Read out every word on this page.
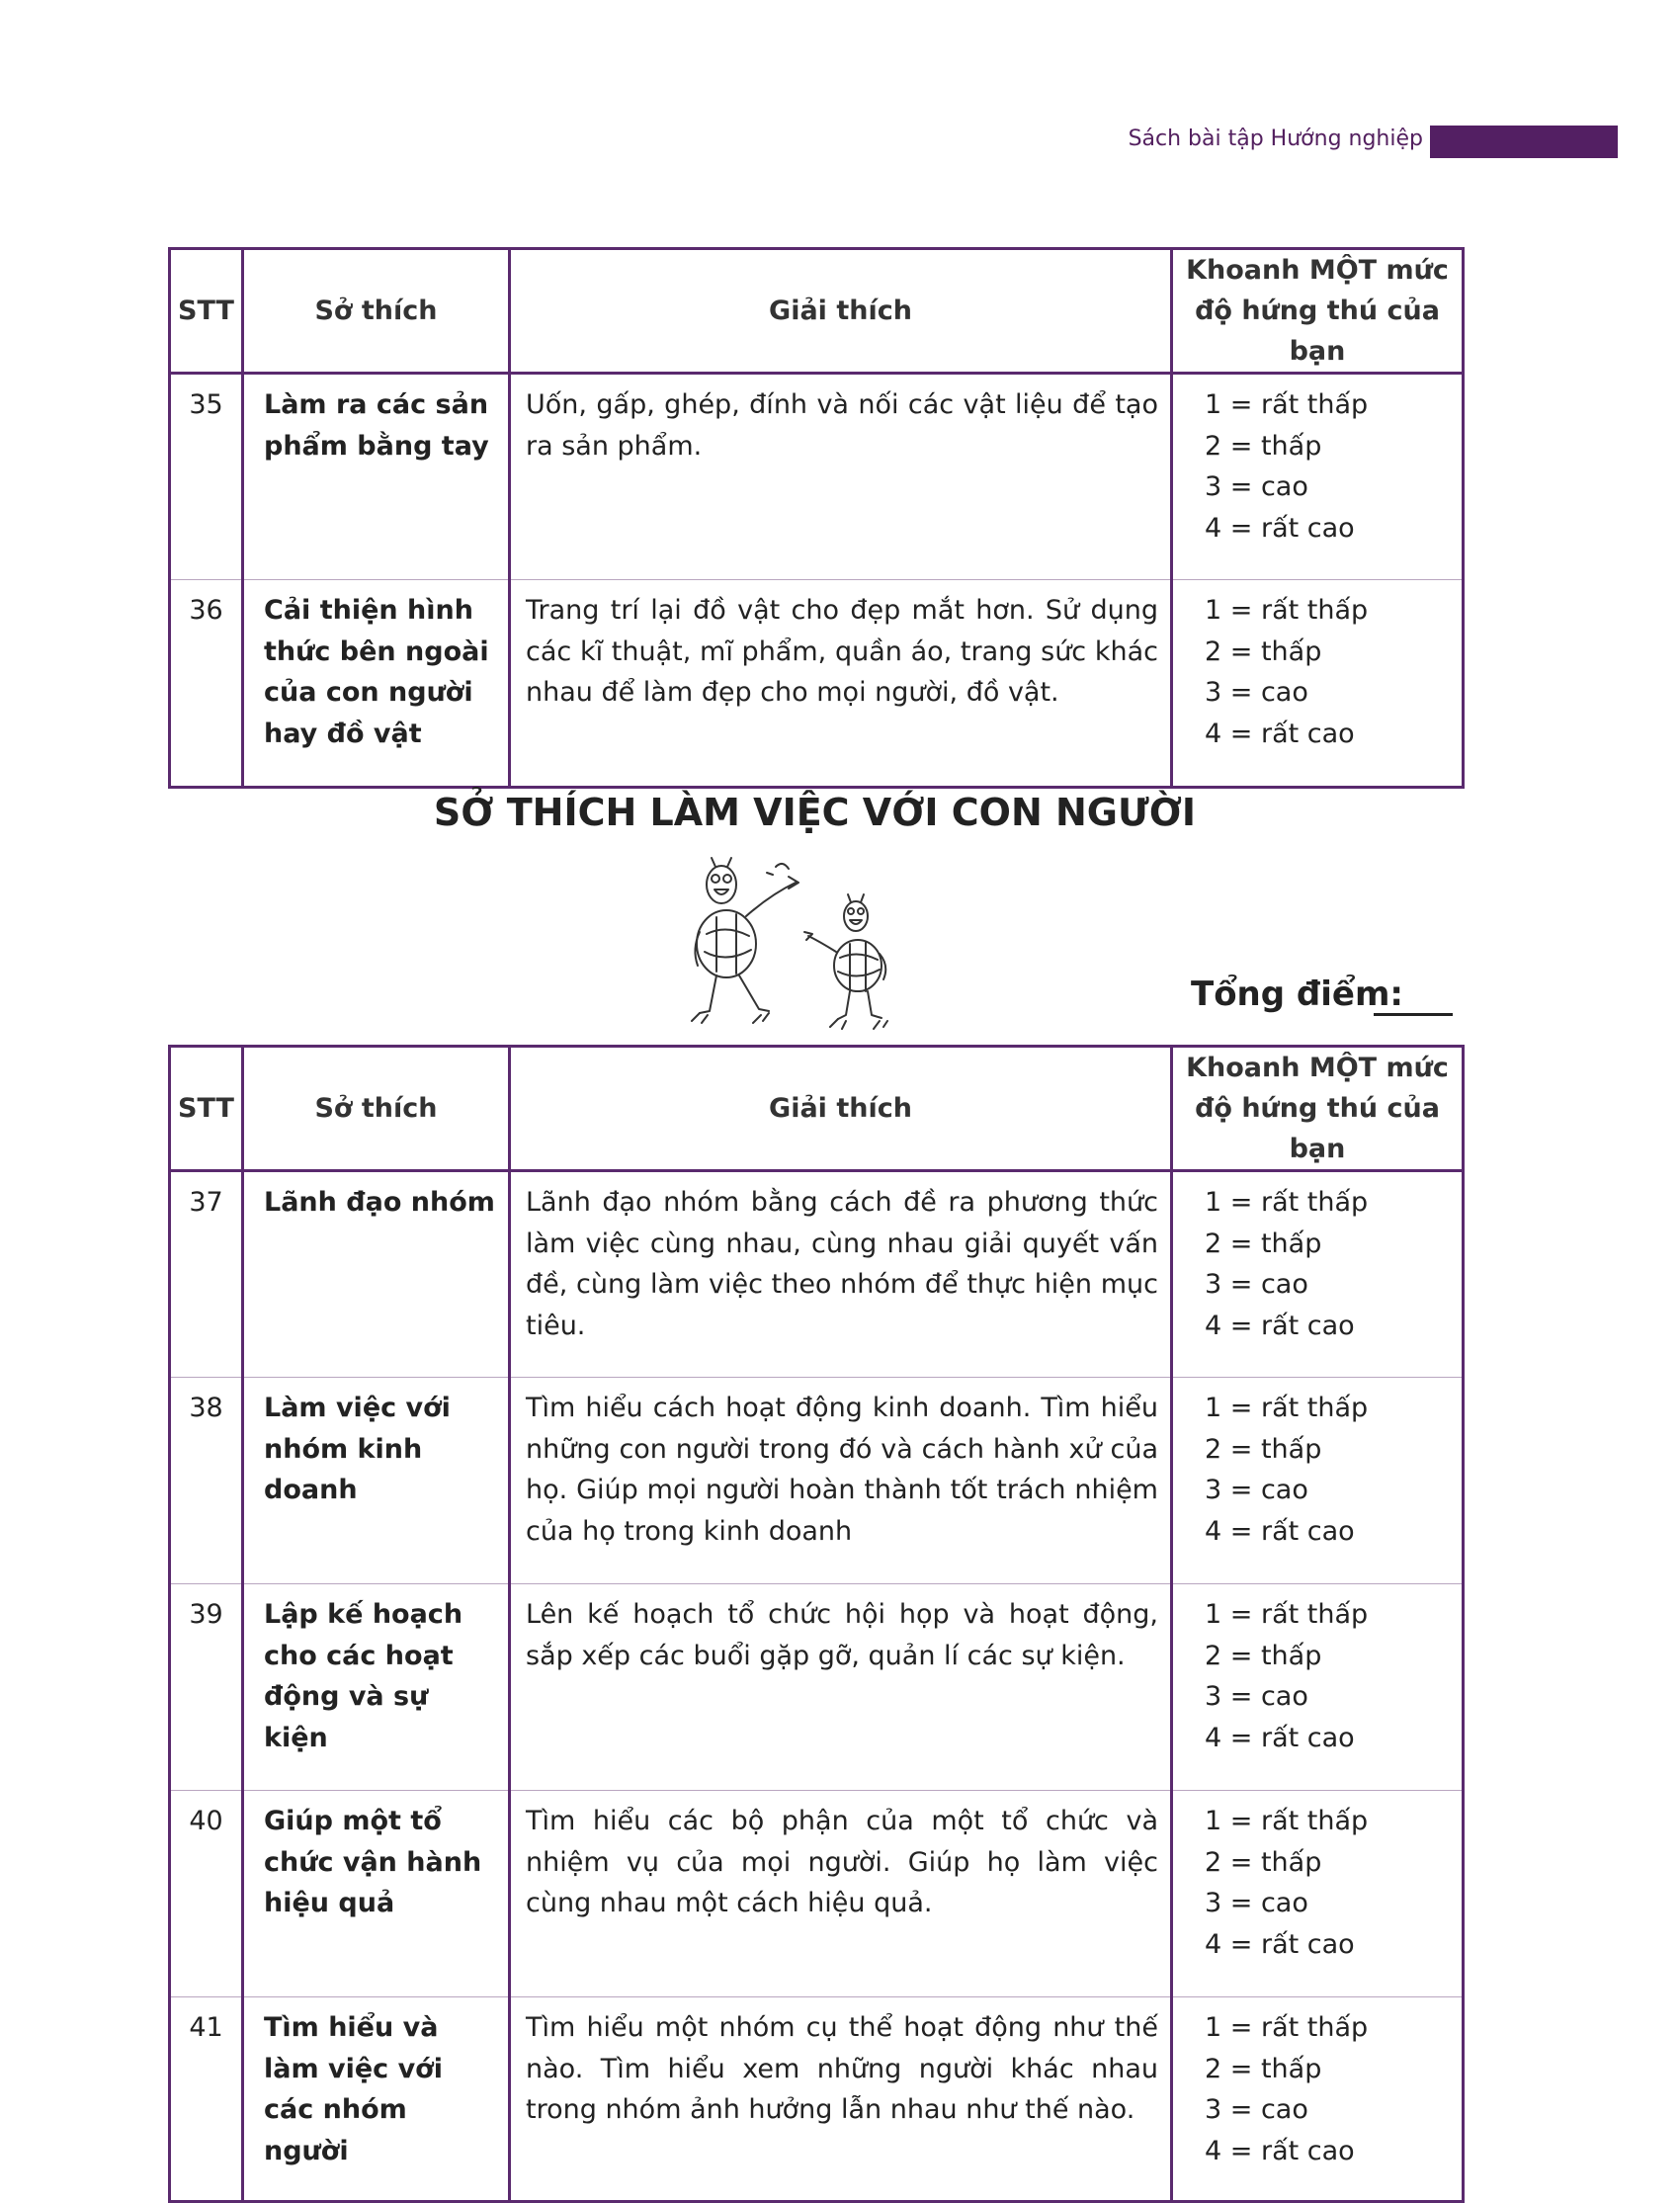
Sách bài tập Hướng nghiệp
STT	Sở thích	Giải thích	Khoanh MỘT mức độ hứng thú của bạn
35	Làm ra các sản phẩm bằng tay	Uốn, gấp, ghép, đính và nối các vật liệu để tạo ra sản phẩm.	1 = rất thấp
2 = thấp
3 = cao
4 = rất cao

36	Cải thiện hình thức bên ngoài của con người hay đồ vật	Trang trí lại đồ vật cho đẹp mắt hơn. Sử dụng các kĩ thuật, mĩ phẩm, quần áo, trang sức khác nhau để làm đẹp cho mọi người, đồ vật.	1 = rất thấp
2 = thấp
3 = cao
4 = rất cao
SỞ THÍCH LÀM VIỆC VỚI CON NGƯỜI
Tổng điểm:
STT	Sở thích	Giải thích	Khoanh MỘT mức độ hứng thú của bạn
37	Lãnh đạo nhóm	Lãnh đạo nhóm bằng cách đề ra phương thức làm việc cùng nhau, cùng nhau giải quyết vấn đề, cùng làm việc theo nhóm để thực hiện mục tiêu.	1 = rất thấp
2 = thấp
3 = cao
4 = rất cao

38	Làm việc với nhóm kinh doanh	Tìm hiểu cách hoạt động kinh doanh. Tìm hiểu những con người trong đó và cách hành xử của họ. Giúp mọi người hoàn thành tốt trách nhiệm của họ trong kinh doanh	1 = rất thấp
2 = thấp
3 = cao
4 = rất cao

39	Lập kế hoạch cho các hoạt động và sự kiện	Lên kế hoạch tổ chức hội họp và hoạt động, sắp xếp các buổi gặp gỡ, quản lí các sự kiện.	1 = rất thấp
2 = thấp
3 = cao
4 = rất cao

40	Giúp một tổ chức vận hành hiệu quả	Tìm hiểu các bộ phận của một tổ chức và nhiệm vụ của mọi người. Giúp họ làm việc cùng nhau một cách hiệu quả.	1 = rất thấp
2 = thấp
3 = cao
4 = rất cao

41	Tìm hiểu và làm việc với các nhóm người	Tìm hiểu một nhóm cụ thể hoạt động như thế nào. Tìm hiểu xem những người khác nhau trong nhóm ảnh hưởng lẫn nhau như thế nào.	1 = rất thấp
2 = thấp
3 = cao
4 = rất cao
